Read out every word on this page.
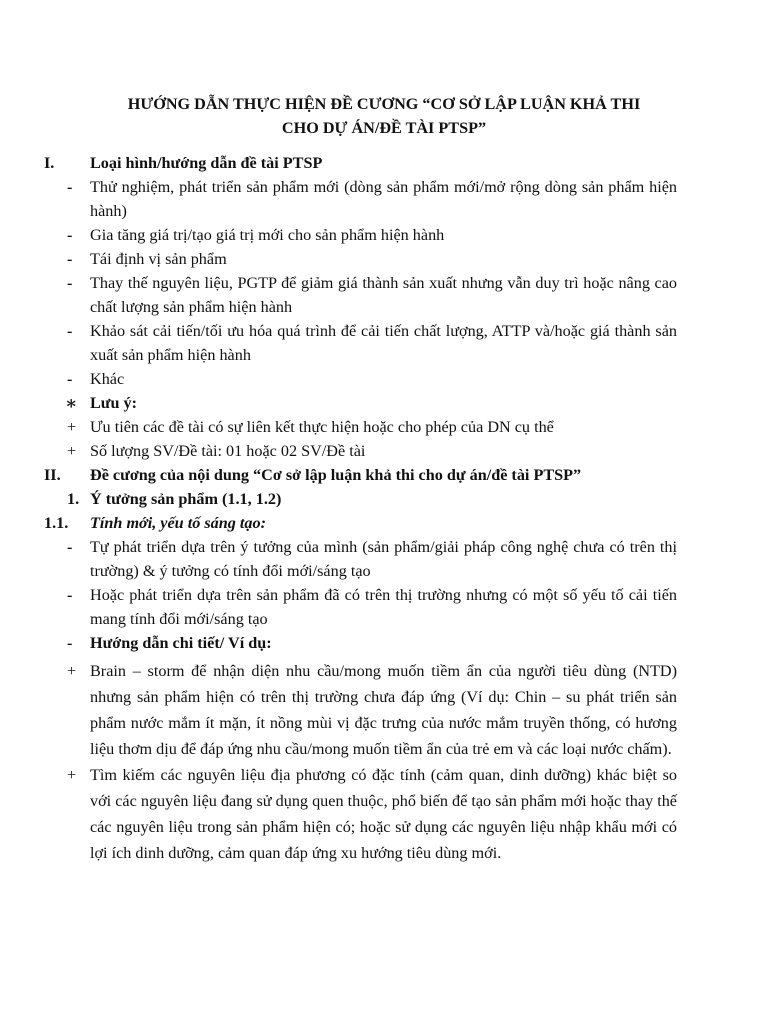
HƯỚNG DẪN THỰC HIỆN ĐỀ CƯƠNG “CƠ SỞ LẬP LUẬN KHẢ THI
CHO DỰ ÁN/ĐỀ TÀI PTSP”
I. Loại hình/hướng dẫn đề tài PTSP
- Thử nghiệm, phát triển sản phẩm mới (dòng sản phẩm mới/mở rộng dòng sản phẩm hiện hành)
- Gia tăng giá trị/tạo giá trị mới cho sản phẩm hiện hành
- Tái định vị sản phẩm
- Thay thế nguyên liệu, PGTP để giảm giá thành sản xuất nhưng vẫn duy trì hoặc nâng cao chất lượng sản phẩm hiện hành
- Khảo sát cải tiến/tối ưu hóa quá trình để cải tiến chất lượng, ATTP và/hoặc giá thành sản xuất sản phẩm hiện hành
- Khác
∗ Lưu ý:
+ Ưu tiên các đề tài có sự liên kết thực hiện hoặc cho phép của DN cụ thể
+ Số lượng SV/Đề tài: 01 hoặc 02 SV/Đề tài
II. Đề cương của nội dung “Cơ sở lập luận khả thi cho dự án/đề tài PTSP”
1. Ý tưởng sản phẩm (1.1, 1.2)
1.1. Tính mới, yếu tố sáng tạo:
- Tự phát triển dựa trên ý tưởng của mình (sản phẩm/giải pháp công nghệ chưa có trên thị trường) & ý tưởng có tính đổi mới/sáng tạo
- Hoặc phát triển dựa trên sản phẩm đã có trên thị trường nhưng có một số yếu tố cải tiến mang tính đổi mới/sáng tạo
- Hướng dẫn chi tiết/ Ví dụ:
+ Brain – storm để nhận diện nhu cầu/mong muốn tiềm ẩn của người tiêu dùng (NTD) nhưng sản phẩm hiện có trên thị trường chưa đáp ứng (Ví dụ: Chin – su phát triển sản phẩm nước mắm ít mặn, ít nồng mùi vị đặc trưng của nước mắm truyền thống, có hương liệu thơm dịu để đáp ứng nhu cầu/mong muốn tiềm ẩn của trẻ em và các loại nước chấm).
+ Tìm kiếm các nguyên liệu địa phương có đặc tính (cảm quan, dinh dưỡng) khác biệt so với các nguyên liệu đang sử dụng quen thuộc, phổ biến để tạo sản phẩm mới hoặc thay thế các nguyên liệu trong sản phẩm hiện có; hoặc sử dụng các nguyên liệu nhập khẩu mới có lợi ích dinh dưỡng, cảm quan đáp ứng xu hướng tiêu dùng mới.
